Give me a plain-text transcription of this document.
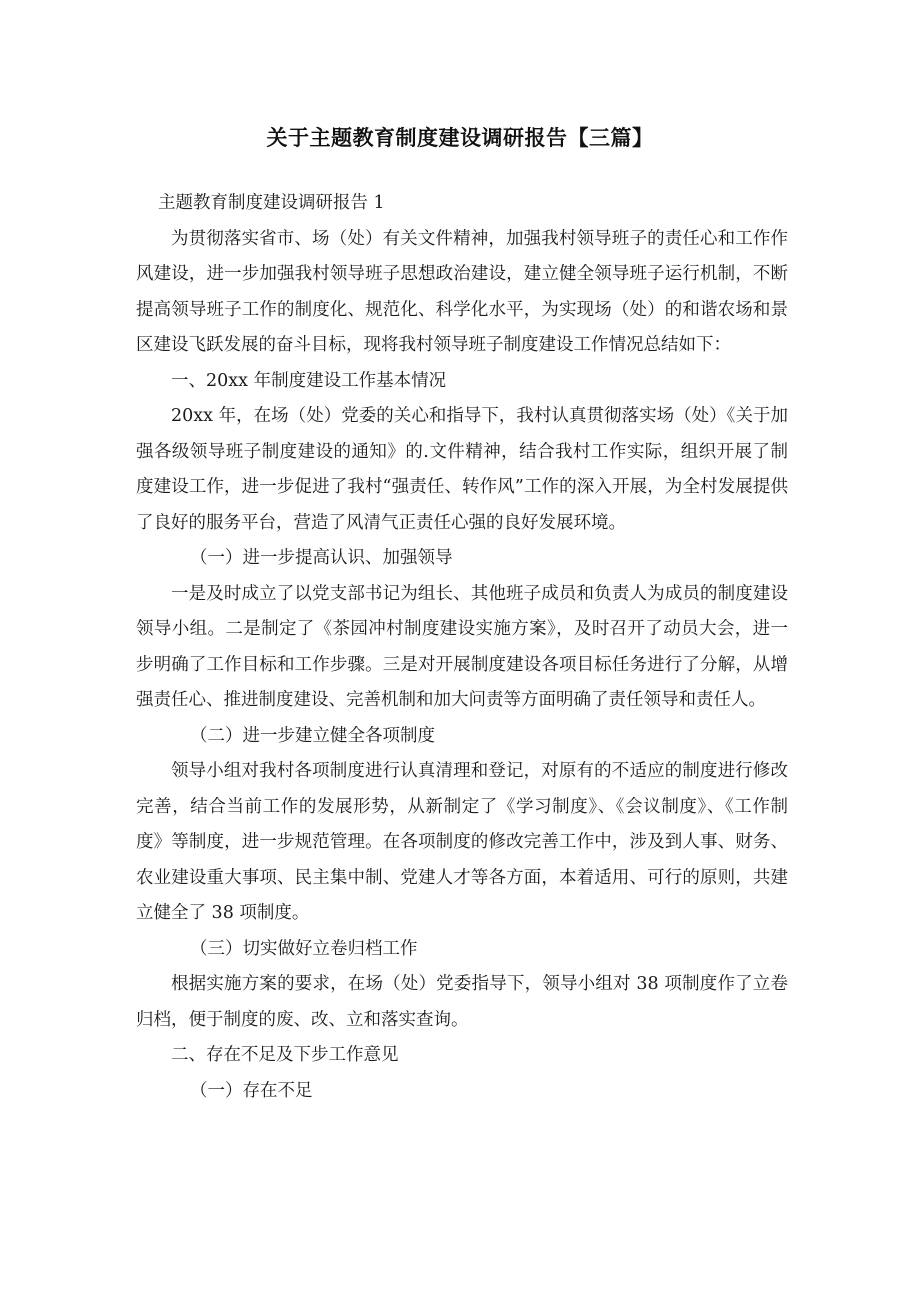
关于主题教育制度建设调研报告【三篇】

主题教育制度建设调研报告 1

为贯彻落实省市、场（处）有关文件精神，加强我村领导班子的责任心和工作作风建设，进一步加强我村领导班子思想政治建设，建立健全领导班子运行机制，不断提高领导班子工作的制度化、规范化、科学化水平，为实现场（处）的和谐农场和景区建设飞跃发展的奋斗目标，现将我村领导班子制度建设工作情况总结如下：

一、20xx 年制度建设工作基本情况

20xx 年，在场（处）党委的关心和指导下，我村认真贯彻落实场（处）《关于加强各级领导班子制度建设的通知》的.文件精神，结合我村工作实际，组织开展了制度建设工作，进一步促进了我村“强责任、转作风”工作的深入开展，为全村发展提供了良好的服务平台，营造了风清气正责任心强的良好发展环境。

（一）进一步提高认识、加强领导

一是及时成立了以党支部书记为组长、其他班子成员和负责人为成员的制度建设领导小组。二是制定了《茶园冲村制度建设实施方案》，及时召开了动员大会，进一步明确了工作目标和工作步骤。三是对开展制度建设各项目标任务进行了分解，从增强责任心、推进制度建设、完善机制和加大问责等方面明确了责任领导和责任人。

（二）进一步建立健全各项制度

领导小组对我村各项制度进行认真清理和登记，对原有的不适应的制度进行修改完善，结合当前工作的发展形势，从新制定了《学习制度》、《会议制度》、《工作制度》等制度，进一步规范管理。在各项制度的修改完善工作中，涉及到人事、财务、农业建设重大事项、民主集中制、党建人才等各方面，本着适用、可行的原则，共建立健全了 38 项制度。

（三）切实做好立卷归档工作

根据实施方案的要求，在场（处）党委指导下，领导小组对 38 项制度作了立卷归档，便于制度的废、改、立和落实查询。

二、存在不足及下步工作意见

（一）存在不足
